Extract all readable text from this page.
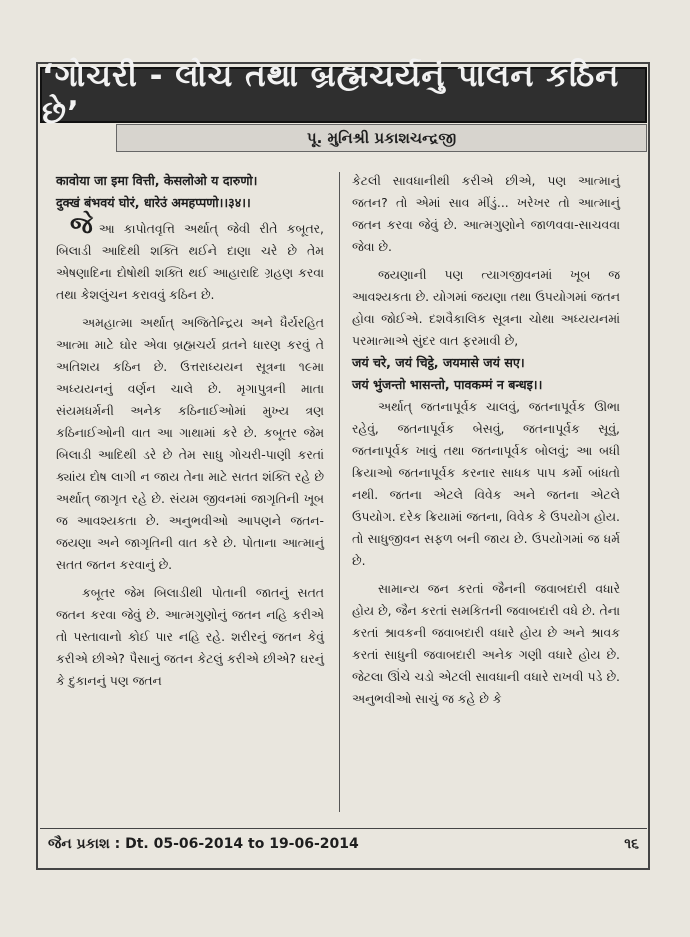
‘ગોચરી - લોચ તથા બ્રહ્મચર્યનું પાલન કઠિન છે’
પૂ. મુનિશ્રી પ્રકાશચન્દ્રજી

कावोया जा इमा वित्ती, केसलोओ य दारुणो।

दुक्खं बंभवयं घोरं, धारेउं अमहप्पणो।।३४।।

જેઆ કાપોતવૃત્તિ અર્થાત્ જેવી રીતે કબૂતર, બિલાડી આદિથી શક્તિ થઈને દાણા ચરે છે તેમ એષણાદિના દોષોથી શક્તિ થઈ આહારાદિ ગ્રહણ કરવા તથા કેશલુંચન કરાવવું કઠિન છે.

અમહાત્મા અર્થાત્ અજિતેન્દ્રિય અને ધૈર્યરહિત આત્મા માટે ઘોર એવા બ્રહ્મચર્ય વ્રતને ધારણ કરવું તે અતિશય કઠિન છે. ઉત્તરાધ્યયન સૂત્રના ૧૯મા અધ્યયનનું વર્ણન ચાલે છે. મૃગાપુત્રની માતા સંયમધર્મની અનેક કઠિનાઈઓમાં મુખ્ય ત્રણ કઠિનાઈઓની વાત આ ગાથામાં કરે છે. કબૂતર જેમ બિલાડી આદિથી ડરે છે તેમ સાધુ ગોચરી-પાણી કરતાં ક્યાંય દોષ લાગી ન જાય તેના માટે સતત શંક્તિ રહે છે અર્થાત્ જાગૃત રહે છે. સંયમ જીવનમાં જાગૃતિની ખૂબ જ આવશ્યકતા છે. અનુભવીઓ આપણને જતન-જયણા અને જાગૃતિની વાત કરે છે. પોતાના આત્માનું સતત જતન કરવાનું છે.

કબૂતર જેમ બિલાડીથી પોતાની જાતનું સતત જતન કરવા જેવું છે. આત્મગુણોનું જતન નહિ કરીએ તો પસ્તાવાનો કોઈ પાર નહિ રહે. શરીરનું જતન કેવું કરીએ છીએ? પૈસાનું જતન કેટલું કરીએ છીએ? ઘરનું કે દુકાનનું પણ જતન

કેટલી સાવધાનીથી કરીએ છીએ, પણ આત્માનું જતન? તો એમાં સાવ મીંડું... ખરેખર તો આત્માનું જતન કરવા જેવું છે. આત્મગુણોને જાળવવા-સાચવવા જેવા છે.

જયણાની પણ ત્યાગજીવનમાં ખૂબ જ આવશ્યકતા છે. યોગમાં જયણા તથા ઉપયોગમાં જતન હોવા જોઈએ. દશવૈકાલિક સૂત્રના ચોથા અધ્યયનમાં પરમાત્માએ સુંદર વાત ફરમાવી છે,

जयं चरे, जयं चिट्ठे, जयमासे जयं सए।

जयं भुंजन्तो भासन्तो, पावकम्मं न बन्धइ।।

અર્થાત્ જતનાપૂર્વક ચાલવું, જતનાપૂર્વક ઊભા રહેવું, જતનાપૂર્વક બેસવું, જતનાપૂર્વક સૂવું, જતનાપૂર્વક ખાવું તથા જતનાપૂર્વક બોલવું; આ બધી ક્રિયાઓ જતનાપૂર્વક કરનાર સાધક પાપ કર્મો બાંધતો નથી. જતના એટલે વિવેક અને જતના એટલે ઉપયોગ. દરેક ક્રિયામાં જતના, વિવેક કે ઉપયોગ હોય. તો સાધુજીવન સફળ બની જાય છે. ઉપયોગમાં જ ધર્મ છે.

સામાન્ય જન કરતાં જૈનની જવાબદારી વધારે હોય છે, જૈન કરતાં સમકિતની જવાબદારી વધે છે. તેના કરતાં શ્રાવકની જવાબદારી વધારે હોય છે અને શ્રાવક કરતાં સાધુની જવાબદારી અનેક ગણી વધારે હોય છે. જેટલા ઊંચે ચડો એટલી સાવધાની વધારે રાખવી પડે છે. અનુભવીઓ સાચું જ કહે છે કે

જૈન પ્રકાશ : Dt. 05-06-2014 to 19-06-2014	૧૬
